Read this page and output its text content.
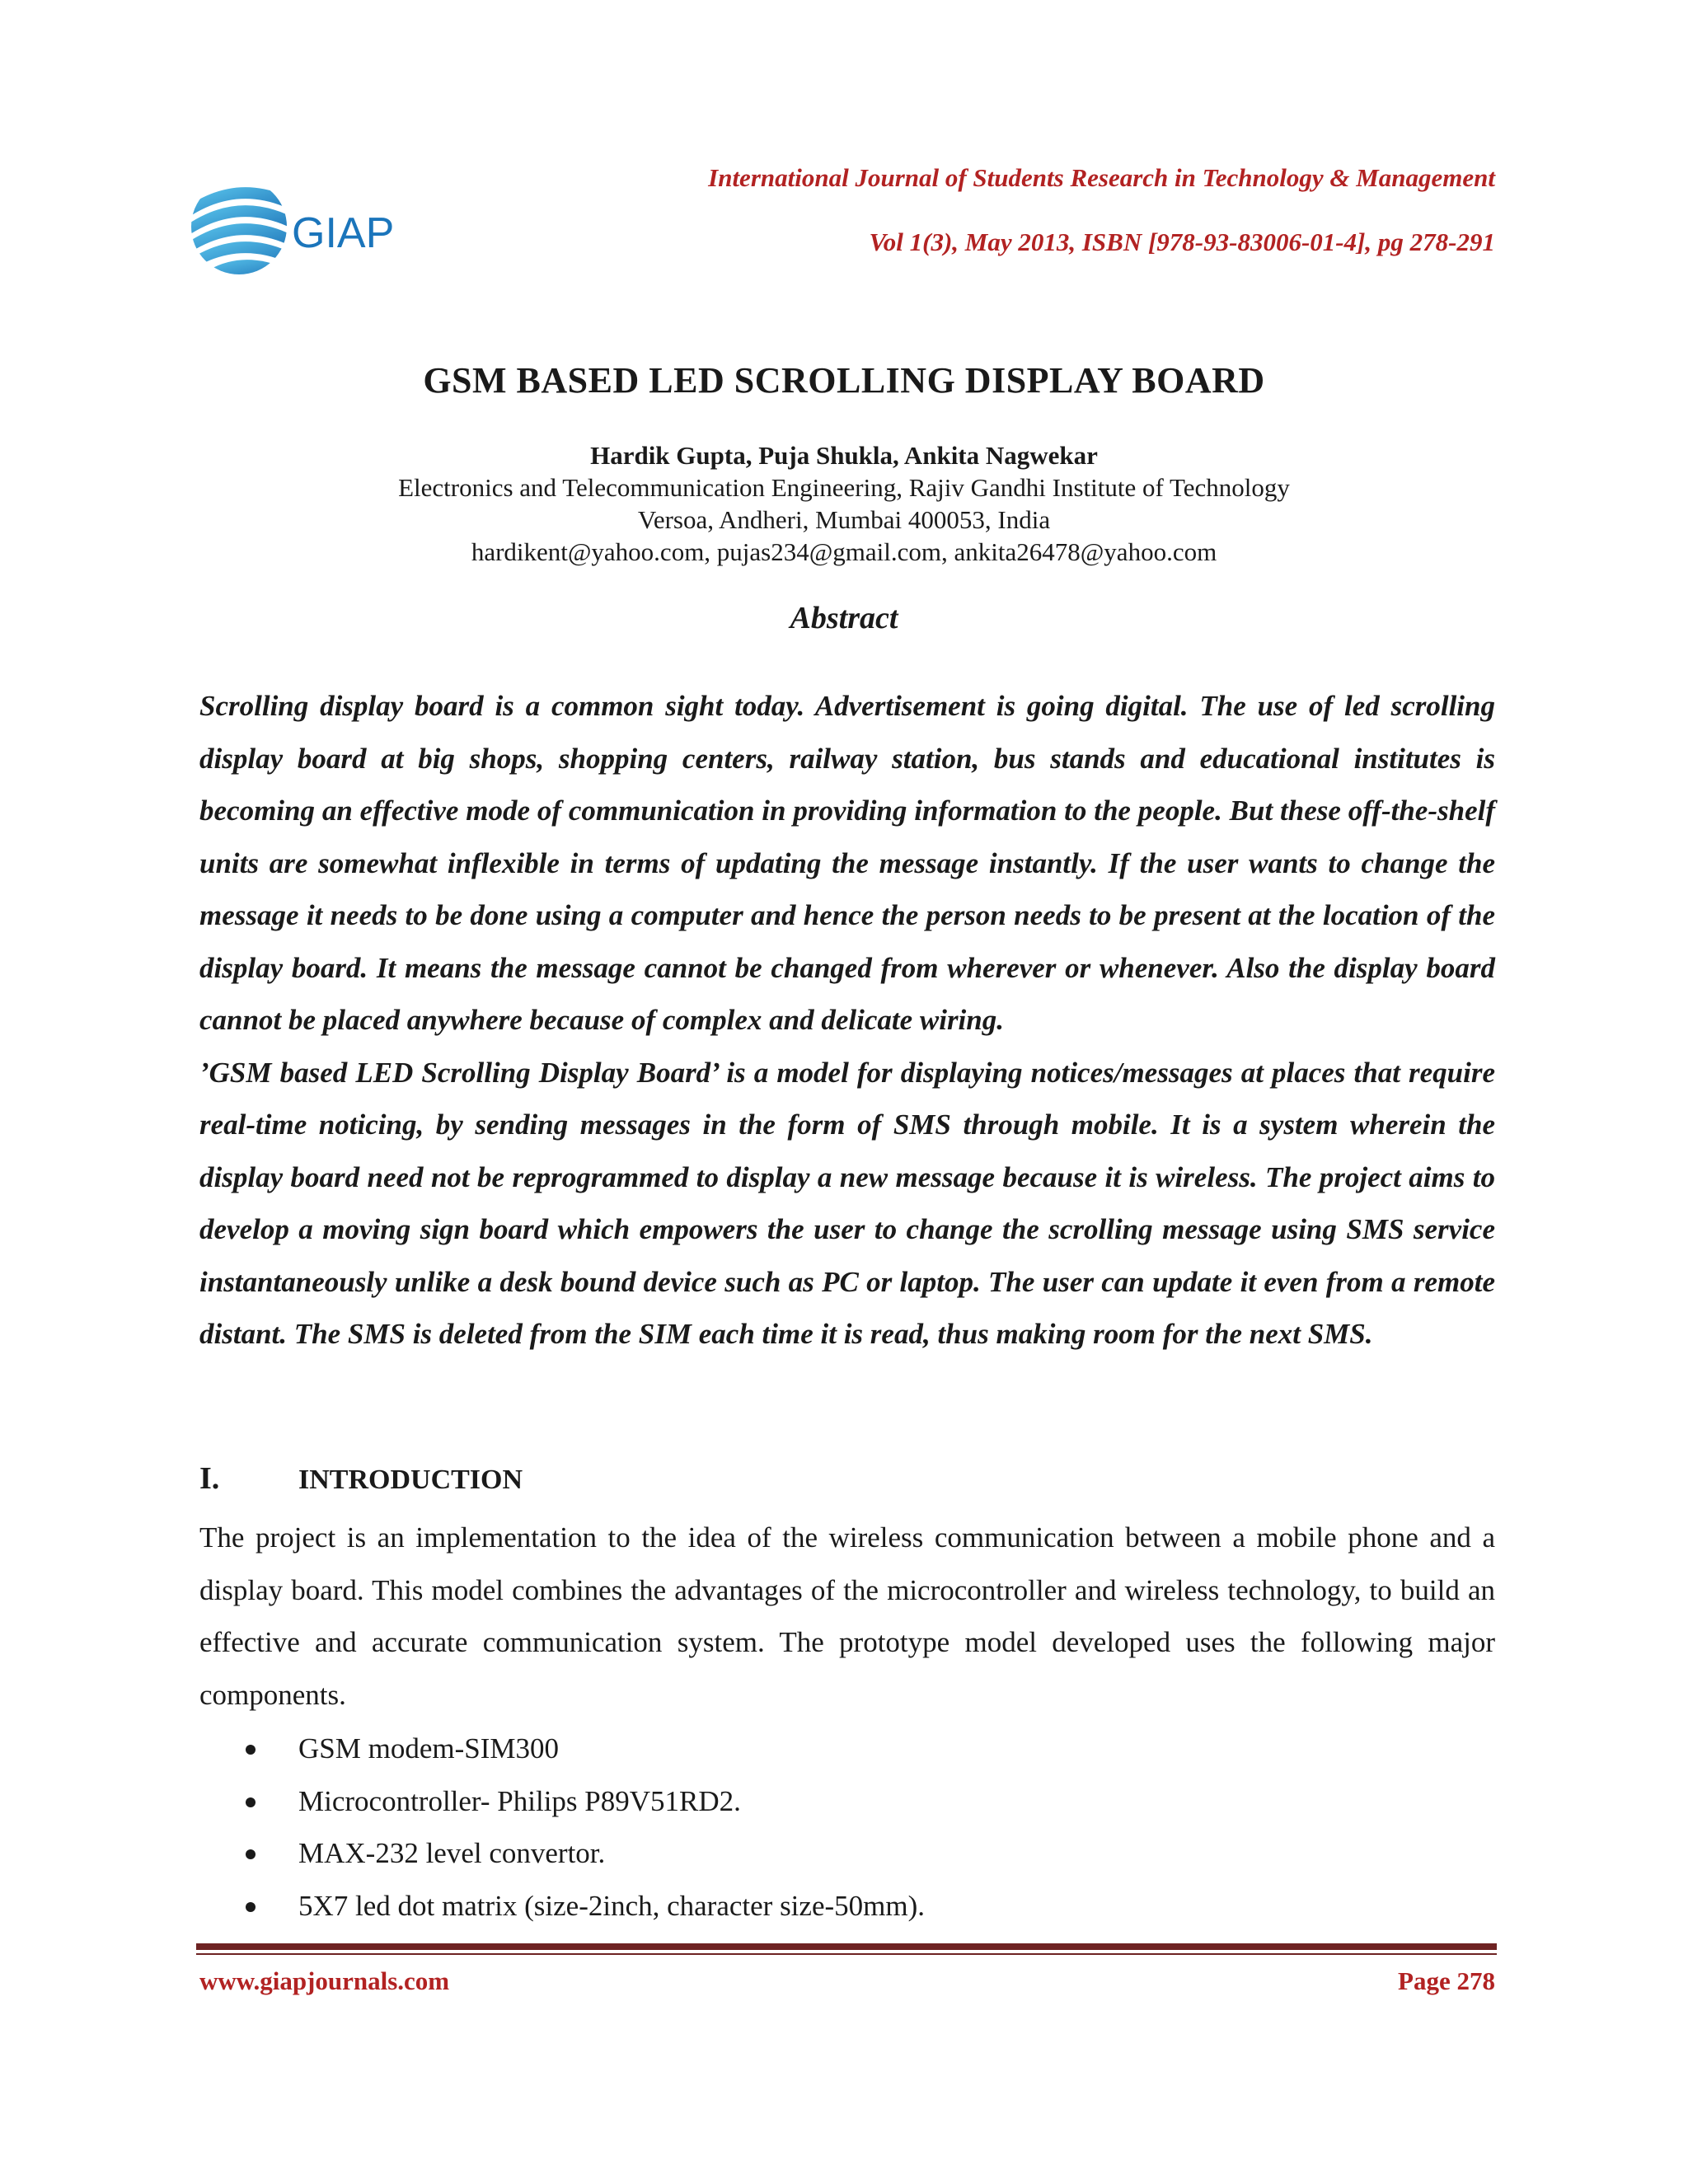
GIAP
International Journal of Students Research in Technology & Management
Vol 1(3), May 2013, ISBN [978-93-83006-01-4], pg 278-291
GSM BASED LED SCROLLING DISPLAY BOARD
Hardik Gupta, Puja Shukla, Ankita Nagwekar
Electronics and Telecommunication Engineering, Rajiv Gandhi Institute of Technology
Versoa, Andheri, Mumbai 400053, India
hardikent@yahoo.com, pujas234@gmail.com, ankita26478@yahoo.com
Abstract

Scrolling display board is a common sight today. Advertisement is going digital. The use of led scrolling display board at big shops, shopping centers, railway station, bus stands and educational institutes is becoming an effective mode of communication in providing information to the people. But these off-the-shelf units are somewhat inflexible in terms of updating the message instantly. If the user wants to change the message it needs to be done using a computer and hence the person needs to be present at the location of the display board. It means the message cannot be changed from wherever or whenever. Also the display board cannot be placed anywhere because of complex and delicate wiring.

’GSM based LED Scrolling Display Board’ is a model for displaying notices/messages at places that require real-time noticing, by sending messages in the form of SMS through mobile. It is a system wherein the display board need not be reprogrammed to display a new message because it is wireless. The project aims to develop a moving sign board which empowers the user to change the scrolling message using SMS service instantaneously unlike a desk bound device such as PC or laptop. The user can update it even from a remote distant. The SMS is deleted from the SIM each time it is read, thus making room for the next SMS.

I.	INTRODUCTION

The project is an implementation to the idea of the wireless communication between a mobile phone and a display board. This model combines the advantages of the microcontroller and wireless technology, to build an effective and accurate communication system. The prototype model developed uses the following major components.

GSM modem-SIM300
Microcontroller- Philips P89V51RD2.
MAX-232 level convertor.
5X7 led dot matrix (size-2inch, character size-50mm).
www.giapjournals.com	Page 278
